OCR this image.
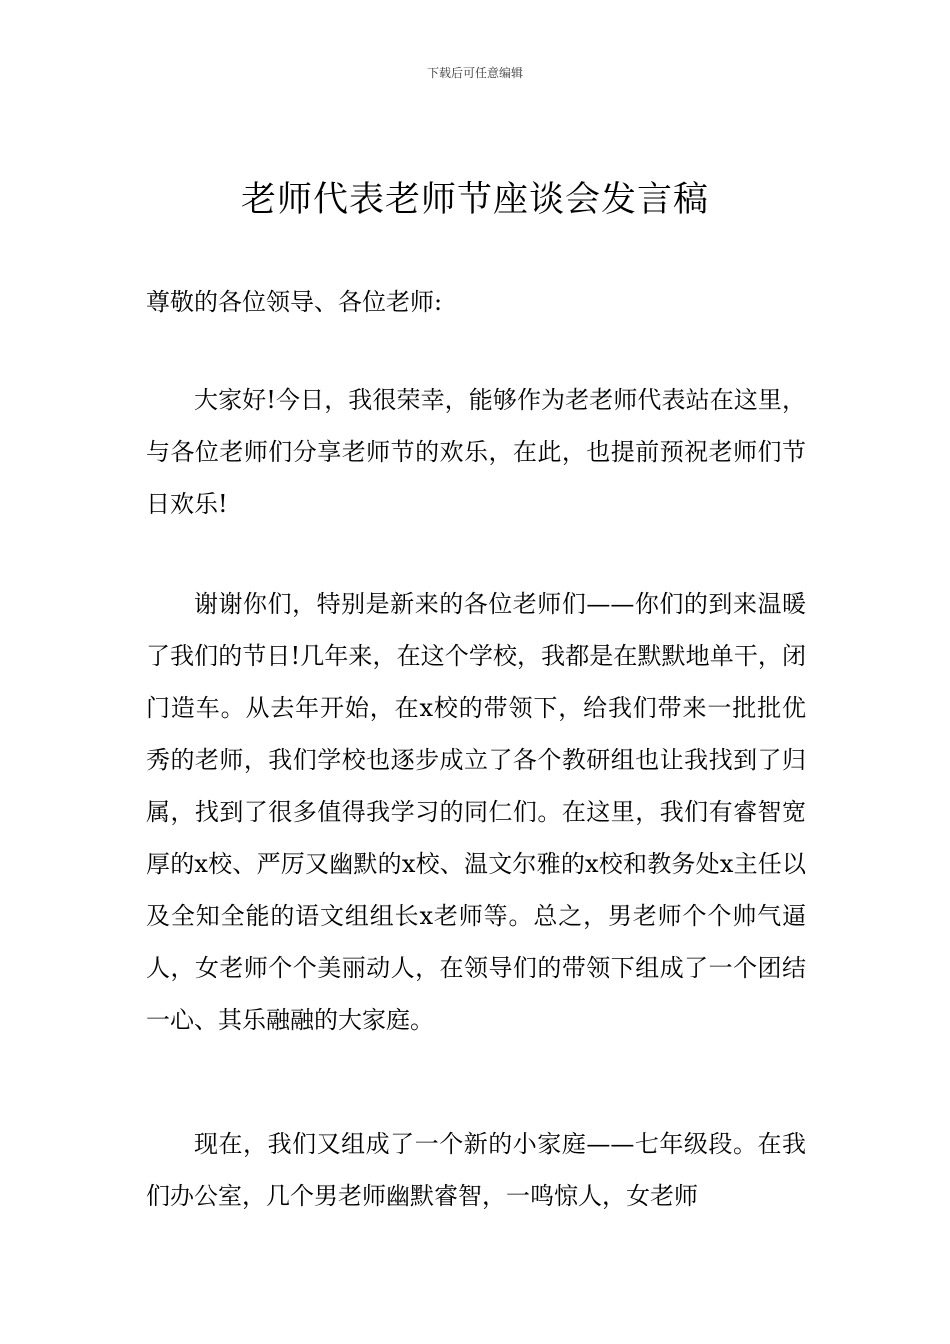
下载后可任意编辑
老师代表老师节座谈会发言稿

尊敬的各位领导、各位老师:

大家好!今日，我很荣幸，能够作为老老师代表站在这里，与各位老师们分享老师节的欢乐，在此，也提前预祝老师们节日欢乐!

谢谢你们，特别是新来的各位老师们——你们的到来温暖了我们的节日!几年来，在这个学校，我都是在默默地单干，闭门造车。从去年开始，在x校的带领下，给我们带来一批批优秀的老师，我们学校也逐步成立了各个教研组也让我找到了归属，找到了很多值得我学习的同仁们。在这里，我们有睿智宽厚的x校、严厉又幽默的x校、温文尔雅的x校和教务处x主任以及全知全能的语文组组长x老师等。总之，男老师个个帅气逼人，女老师个个美丽动人，在领导们的带领下组成了一个团结一心、其乐融融的大家庭。

现在，我们又组成了一个新的小家庭——七年级段。在我们办公室，几个男老师幽默睿智，一鸣惊人，女老师
